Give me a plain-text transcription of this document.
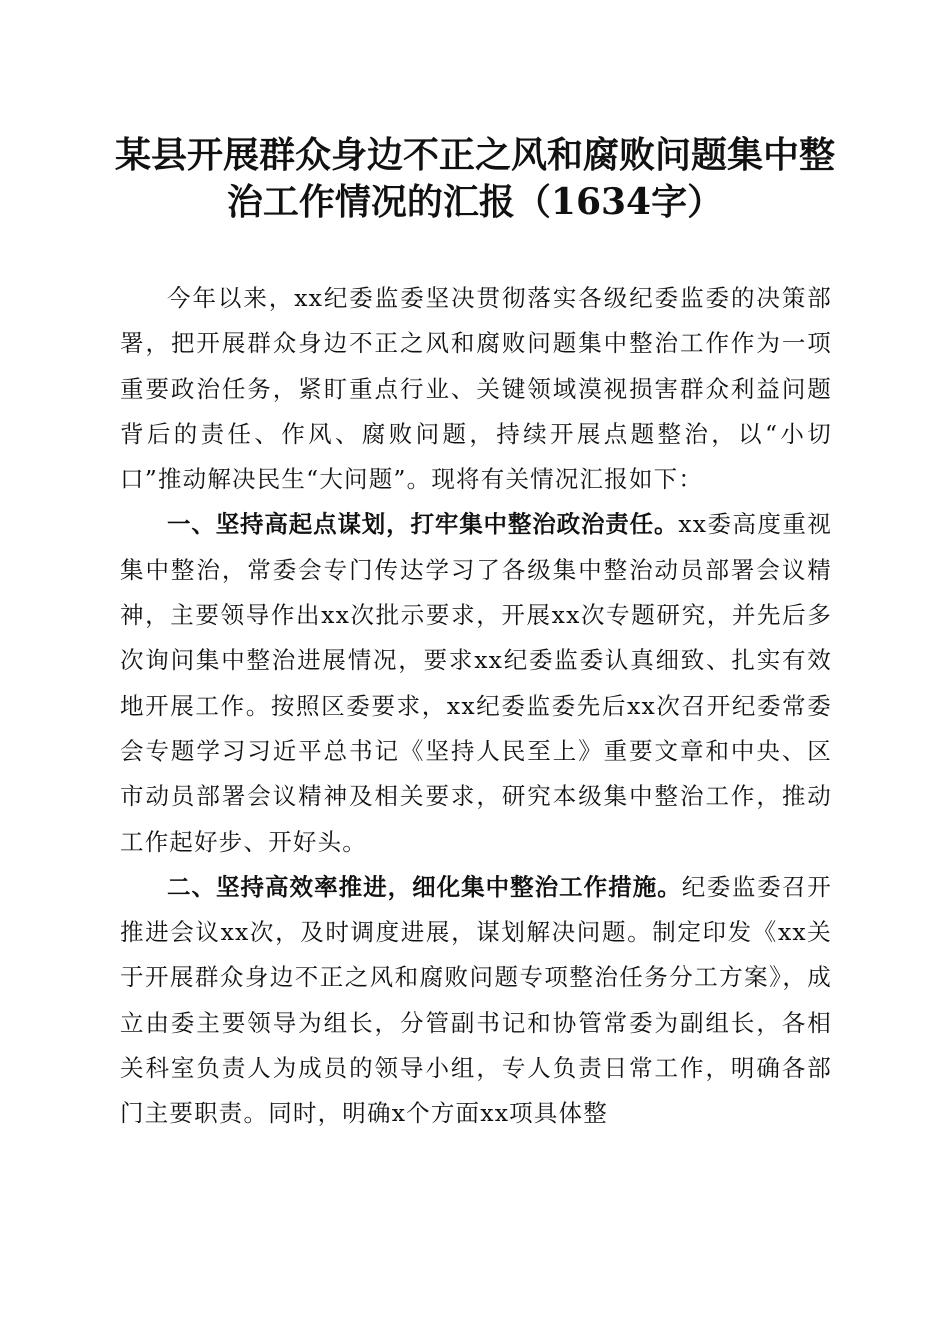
某县开展群众身边不正之风和腐败问题集中整治工作情况的汇报（1634字）

今年以来，xx纪委监委坚决贯彻落实各级纪委监委的决策部署，把开展群众身边不正之风和腐败问题集中整治工作作为一项重要政治任务，紧盯重点行业、关键领域漠视损害群众利益问题背后的责任、作风、腐败问题，持续开展点题整治，以“小切口”推动解决民生“大问题”。现将有关情况汇报如下：

一、坚持高起点谋划，打牢集中整治政治责任。xx委高度重视集中整治，常委会专门传达学习了各级集中整治动员部署会议精神，主要领导作出xx次批示要求，开展xx次专题研究，并先后多次询问集中整治进展情况，要求xx纪委监委认真细致、扎实有效地开展工作。按照区委要求，xx纪委监委先后xx次召开纪委常委会专题学习习近平总书记《坚持人民至上》重要文章和中央、区市动员部署会议精神及相关要求，研究本级集中整治工作，推动工作起好步、开好头。

二、坚持高效率推进，细化集中整治工作措施。纪委监委召开推进会议xx次，及时调度进展，谋划解决问题。制定印发《xx关于开展群众身边不正之风和腐败问题专项整治任务分工方案》，成立由委主要领导为组长，分管副书记和协管常委为副组长，各相关科室负责人为成员的领导小组，专人负责日常工作，明确各部门主要职责。同时，明确x个方面xx项具体整
